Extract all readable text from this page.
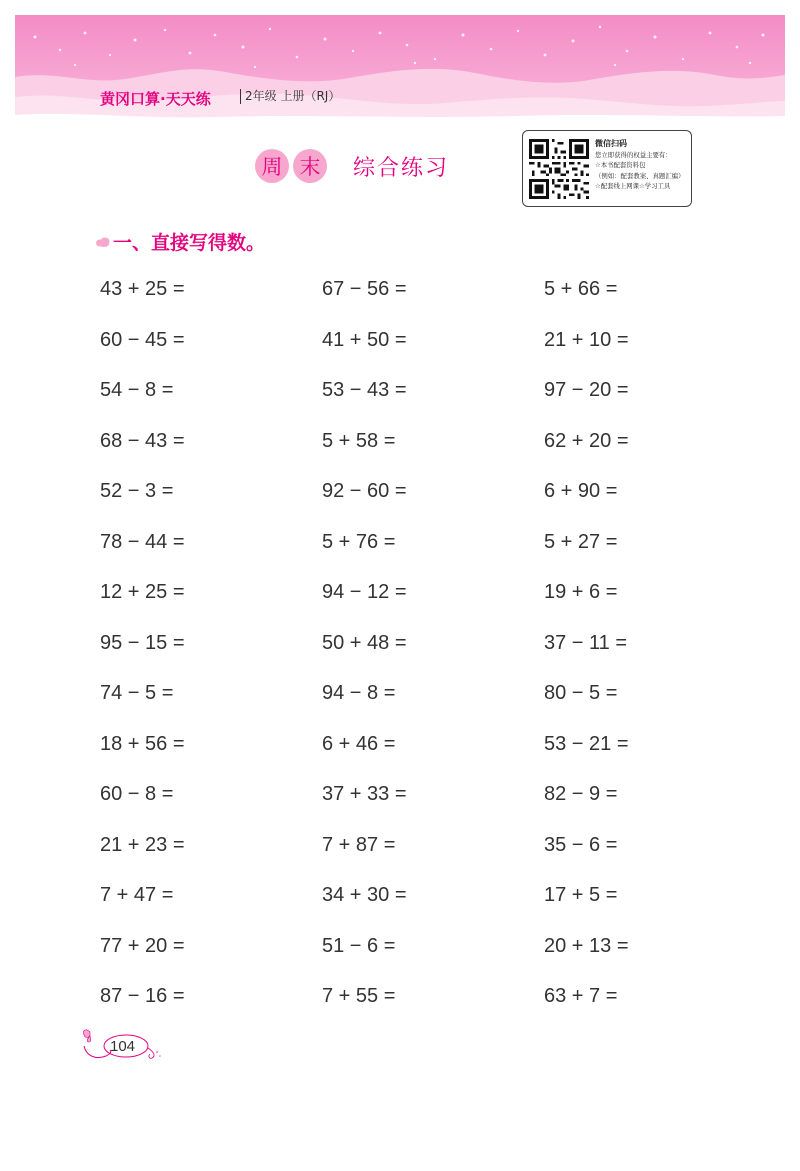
黄冈口算·天天练	2年级 上册（RJ）
周 末 综合练习
微信扫码
您立即获得的权益主要有：
☆本书配套资料包
（例如：配套教案、真题汇编）
☆配套线上网课☆学习工具
一、直接写得数。
43 + 25 =	67 − 56 =	5 + 66 =
60 − 45 =	41 + 50 =	21 + 10 =
54 − 8 =	53 − 43 =	97 − 20 =
68 − 43 =	5 + 58 =	62 + 20 =
52 − 3 =	92 − 60 =	6 + 90 =
78 − 44 =	5 + 76 =	5 + 27 =
12 + 25 =	94 − 12 =	19 + 6 =
95 − 15 =	50 + 48 =	37 − 11 =
74 − 5 =	94 − 8 =	80 − 5 =
18 + 56 =	6 + 46 =	53 − 21 =
60 − 8 =	37 + 33 =	82 − 9 =
21 + 23 =	7 + 87 =	35 − 6 =
7 + 47 =	34 + 30 =	17 + 5 =
77 + 20 =	51 − 6 =	20 + 13 =
87 − 16 =	7 + 55 =	63 + 7 =
104
